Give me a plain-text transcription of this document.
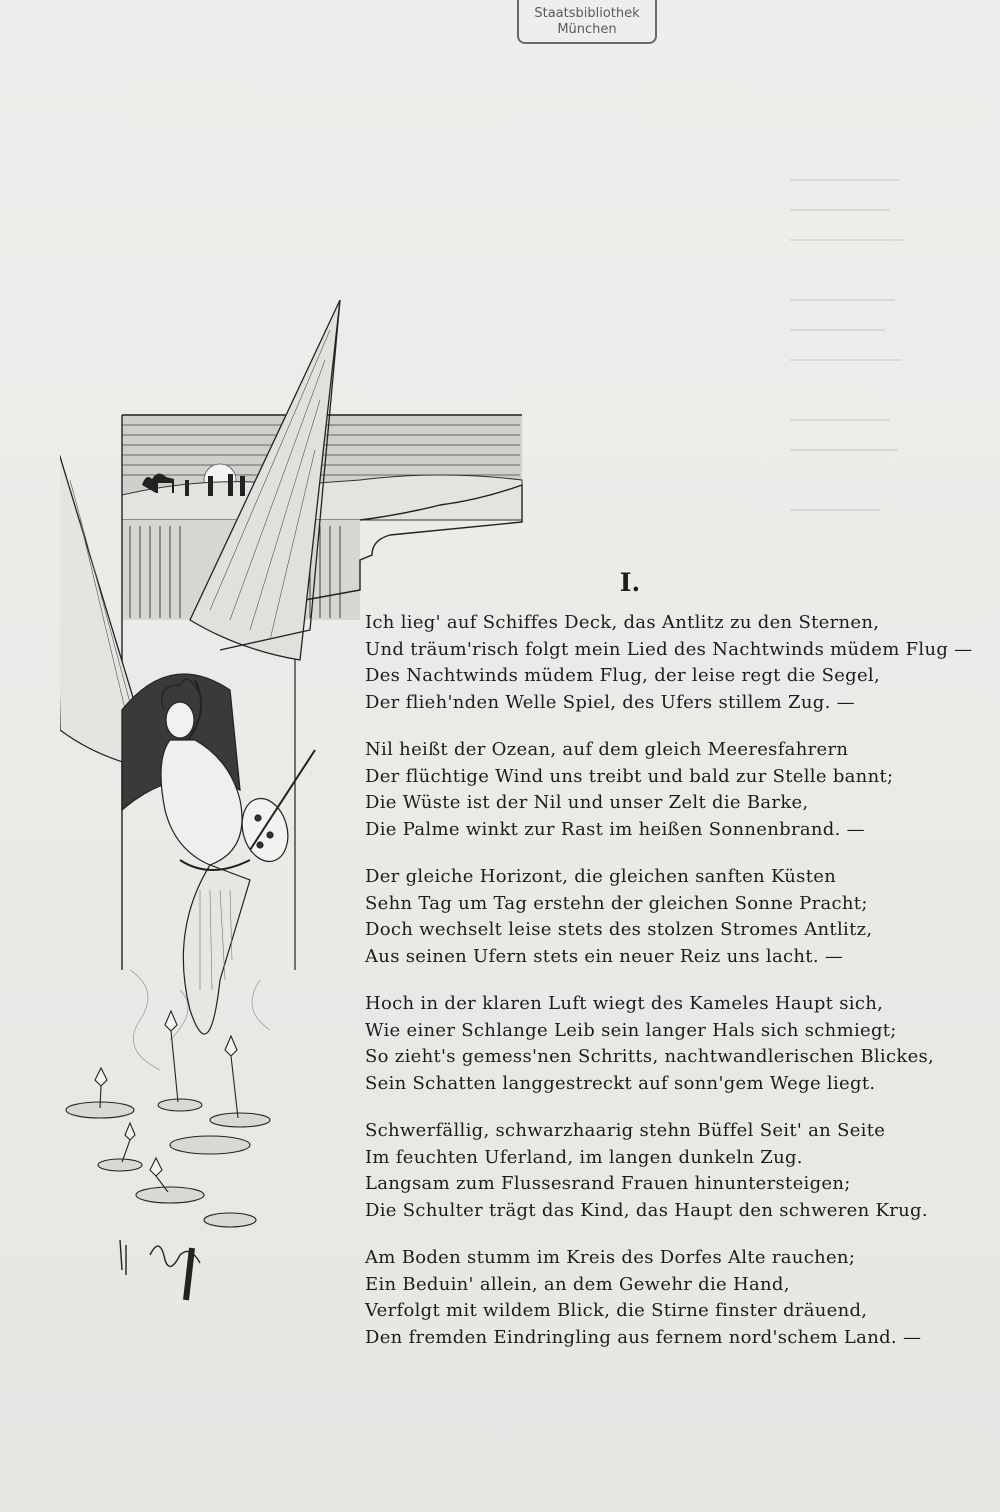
Staatsbibliothek
München
I.
Ich lieg' auf Schiffes Deck, das Antlitz zu den Sternen,
Und träum'risch folgt mein Lied des Nachtwinds müdem Flug —
Des Nachtwinds müdem Flug, der leise regt die Segel,
Der flieh'nden Welle Spiel, des Ufers stillem Zug. —
Nil heißt der Ozean, auf dem gleich Meeresfahrern
Der flüchtige Wind uns treibt und bald zur Stelle bannt;
Die Wüste ist der Nil und unser Zelt die Barke,
Die Palme winkt zur Rast im heißen Sonnenbrand. —
Der gleiche Horizont, die gleichen sanften Küsten
Sehn Tag um Tag erstehn der gleichen Sonne Pracht;
Doch wechselt leise stets des stolzen Stromes Antlitz,
Aus seinen Ufern stets ein neuer Reiz uns lacht. —
Hoch in der klaren Luft wiegt des Kameles Haupt sich,
Wie einer Schlange Leib sein langer Hals sich schmiegt;
So zieht's gemess'nen Schritts, nachtwandlerischen Blickes,
Sein Schatten langgestreckt auf sonn'gem Wege liegt.
Schwerfällig, schwarzhaarig stehn Büffel Seit' an Seite
Im feuchten Uferland, im langen dunkeln Zug.
Langsam zum Flussesrand Frauen hinuntersteigen;
Die Schulter trägt das Kind, das Haupt den schweren Krug.
Am Boden stumm im Kreis des Dorfes Alte rauchen;
Ein Beduin' allein, an dem Gewehr die Hand,
Verfolgt mit wildem Blick, die Stirne finster dräuend,
Den fremden Eindringling aus fernem nord'schem Land. —
